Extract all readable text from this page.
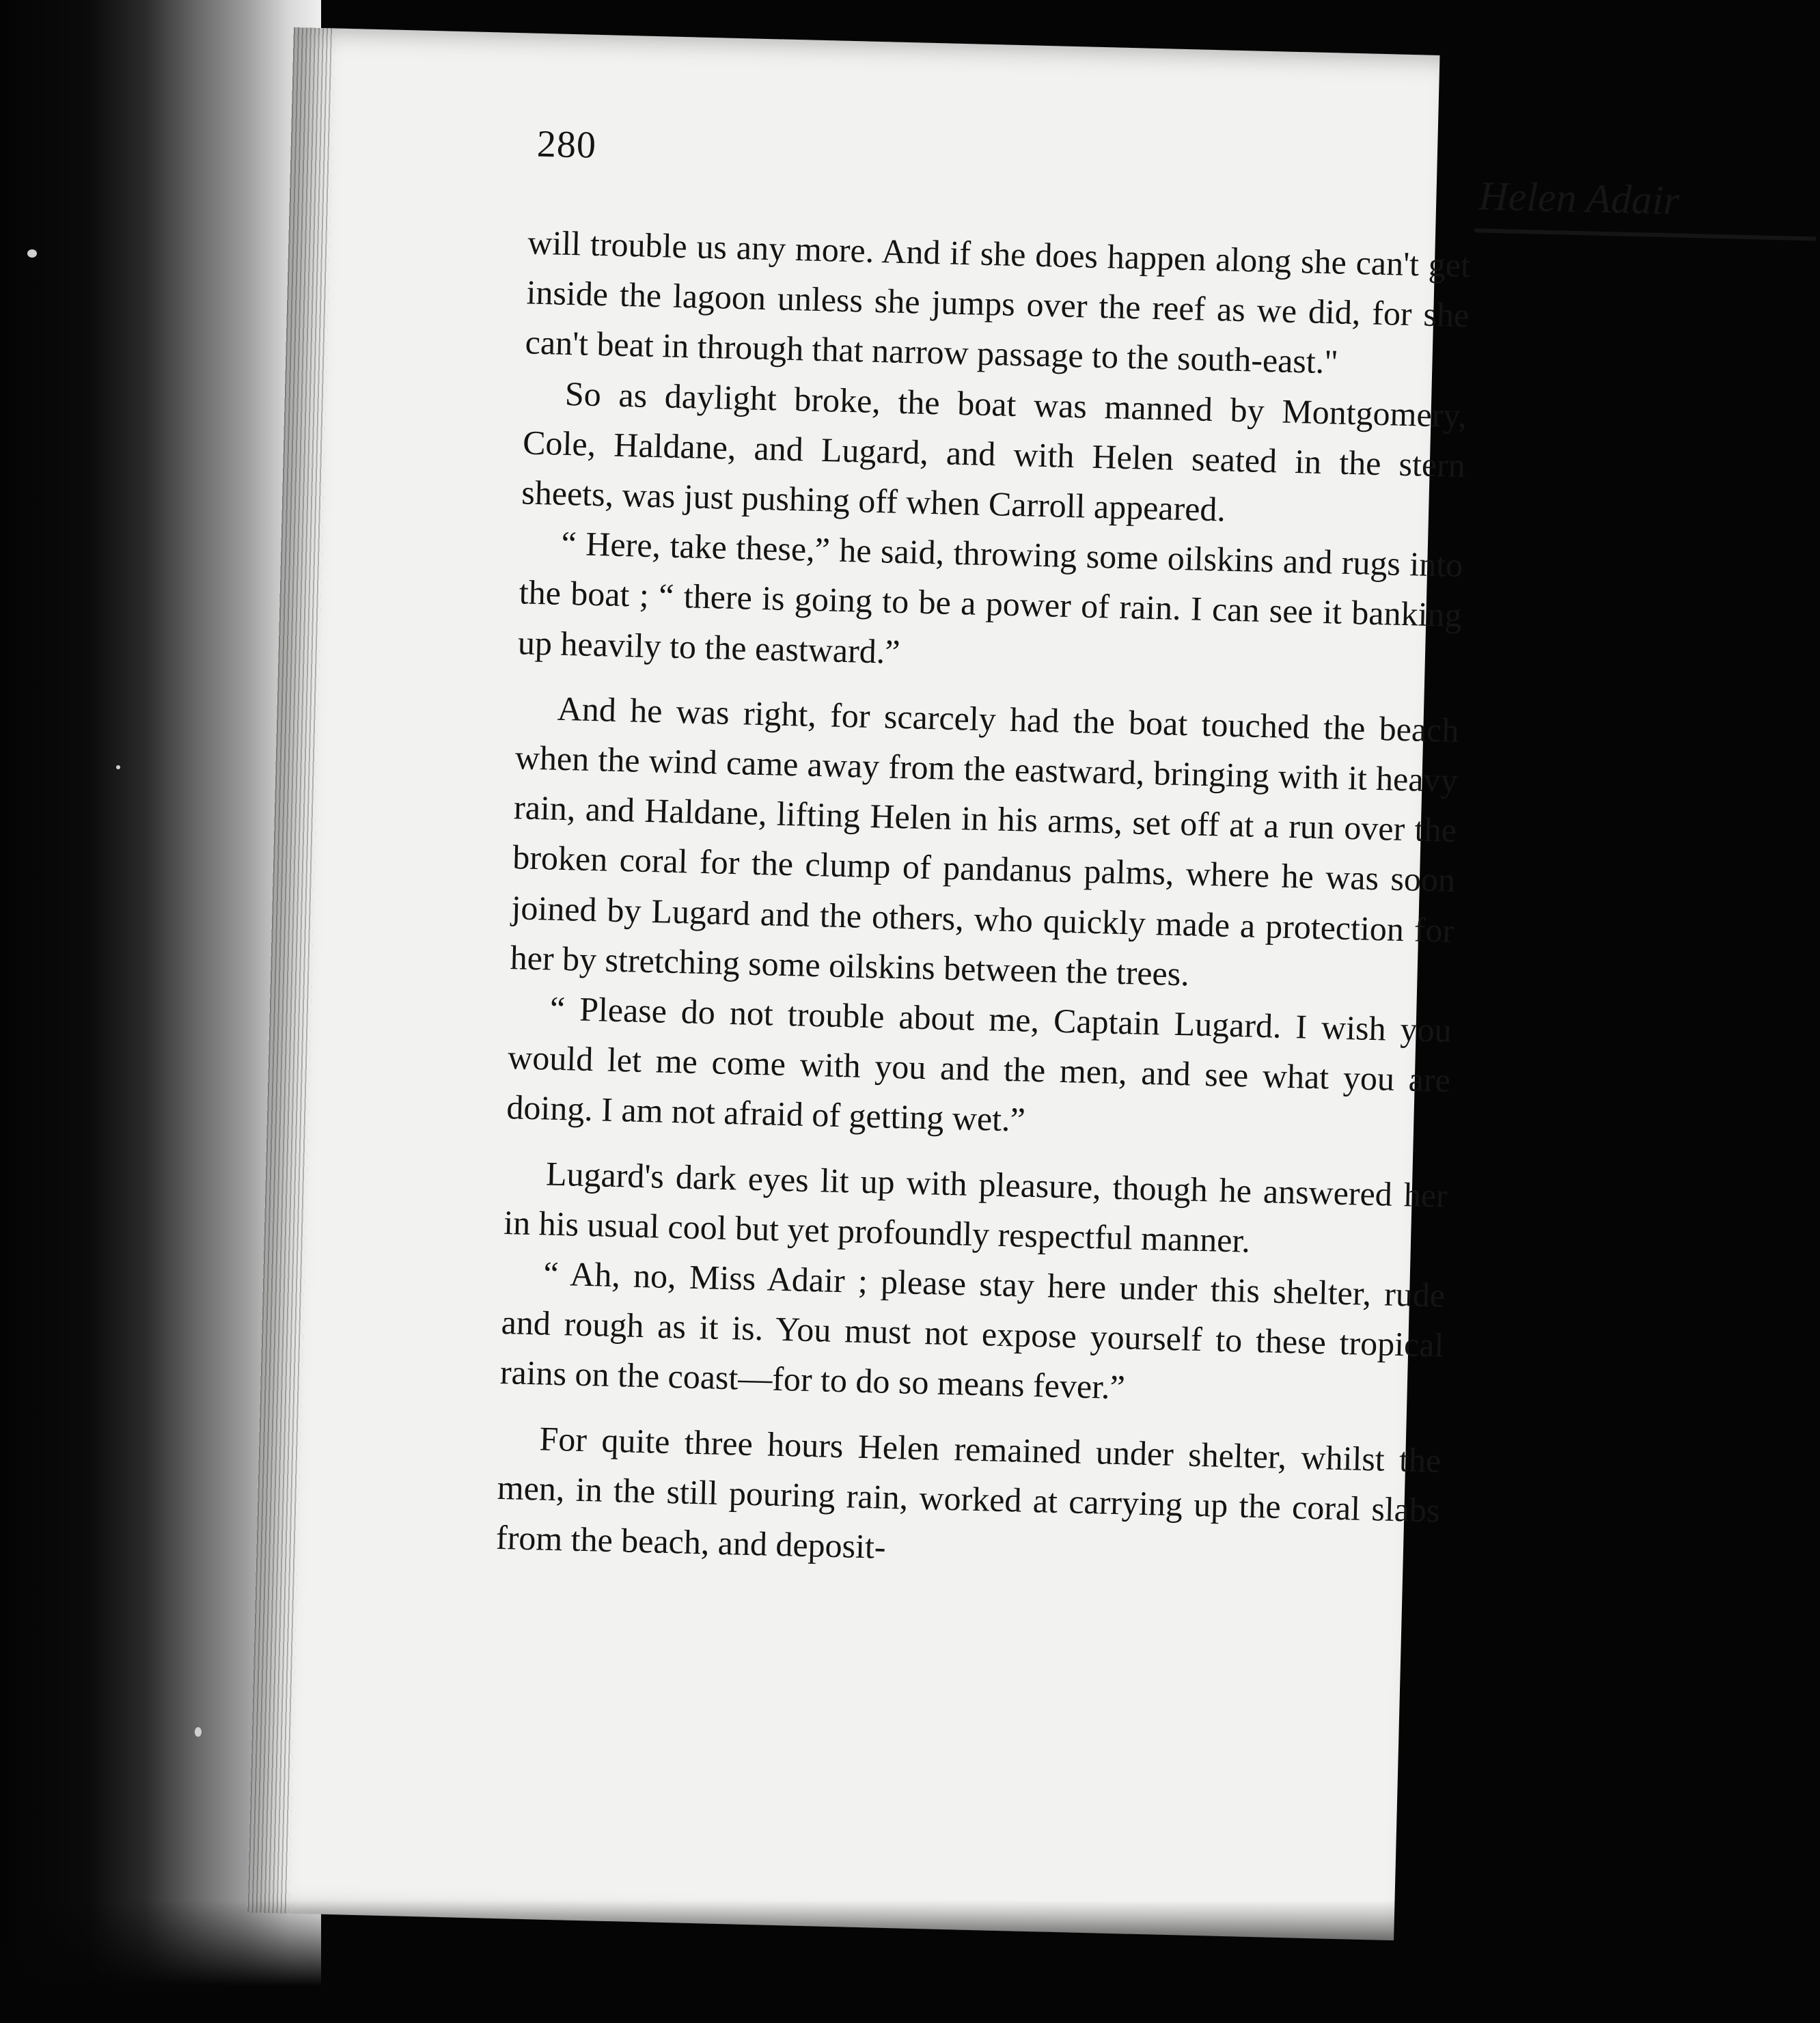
280
Helen Adair

will trouble us any more. And if she does happen along she can't get inside the lagoon unless she jumps over the reef as we did, for she can't beat in through that narrow passage to the south-east."

So as daylight broke, the boat was manned by Montgomery, Cole, Haldane, and Lugard, and with Helen seated in the stern sheets, was just pushing off when Carroll appeared.

“ Here, take these,” he said, throwing some oilskins and rugs into the boat ; “ there is going to be a power of rain. I can see it banking up heavily to the eastward.”

And he was right, for scarcely had the boat touched the beach when the wind came away from the eastward, bringing with it heavy rain, and Haldane, lifting Helen in his arms, set off at a run over the broken coral for the clump of pandanus palms, where he was soon joined by Lugard and the others, who quickly made a protection for her by stretching some oilskins between the trees.

“ Please do not trouble about me, Captain Lugard. I wish you would let me come with you and the men, and see what you are doing. I am not afraid of getting wet.”

Lugard's dark eyes lit up with pleasure, though he answered her in his usual cool but yet profoundly respectful manner.

“ Ah, no, Miss Adair ; please stay here under this shelter, rude and rough as it is. You must not expose yourself to these tropical rains on the coast—for to do so means fever.”

For quite three hours Helen remained under shelter, whilst the men, in the still pouring rain, worked at carrying up the coral slabs from the beach, and deposit-
